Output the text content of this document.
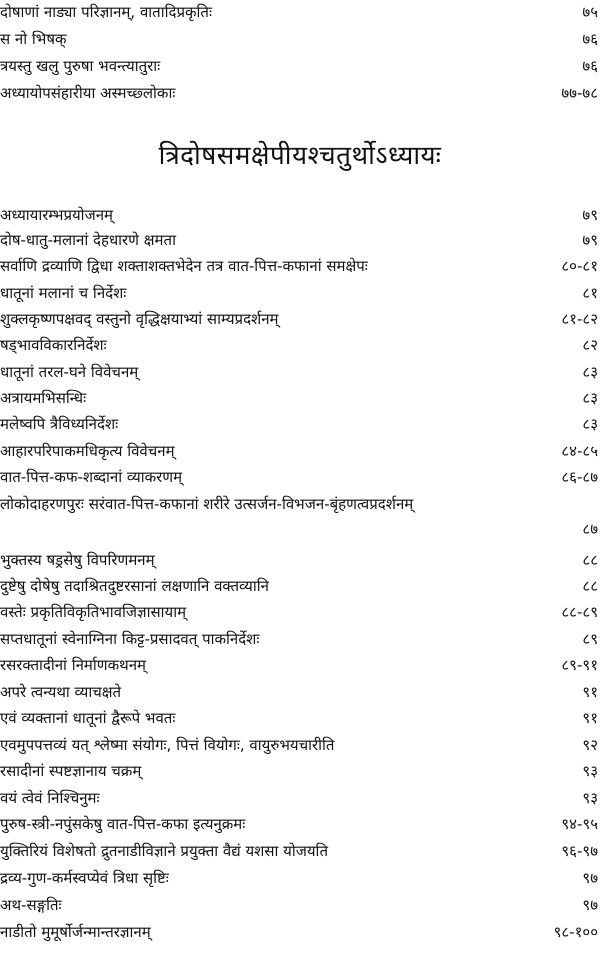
दोषाणां नाड्या परिज्ञानम्, वातादिप्रकृतिः	७५
स नो भिषक्	७६
त्रयस्तु खलु पुरुषा भवन्त्यातुराः	७६
अध्यायोपसंहारीया अस्मच्छ्लोकाः	७७-७८
त्रिदोषसमक्षेपीयश्चतुर्थोऽध्यायः
अध्यायारम्भप्रयोजनम्	७९
दोष-धातु-मलानां देहधारणे क्षमता	७९
सर्वाणि द्रव्याणि द्विधा शक्ताशक्तभेदेन तत्र वात-पित्त-कफानां समक्षेपः	८०-८१
धातूनां मलानां च निर्देशः	८१
शुक्लकृष्णपक्षवद् वस्तुनो वृद्धिक्षयाभ्यां साम्यप्रदर्शनम्	८१-८२
षड्भावविकारनिर्देशः	८२
धातूनां तरल-घने विवेचनम्	८३
अत्रायमभिसन्धिः	८३
मलेष्वपि त्रैविध्यनिर्देशः	८३
आहारपरिपाकमधिकृत्य विवेचनम्	८४-८५
वात-पित्त-कफ-शब्दानां व्याकरणम्	८६-८७
लोकोदाहरणपुरः सरंवात-पित्त-कफानां शरीरे उत्सर्जन-विभजन-बृंहणत्वप्रदर्शनम्
८७
भुक्तस्य षड्रसेषु विपरिणमनम्	८८
दुष्टेषु दोषेषु तदाश्रितदुष्टरसानां लक्षणानि वक्तव्यानि	८८
वस्तेः प्रकृतिविकृतिभावजिज्ञासायाम्	८८-८९
सप्तधातूनां स्वेनाग्निना किट्ट-प्रसादवत् पाकनिर्देशः	८९
रसरक्तादीनां निर्माणकथनम्	८९-९१
अपरे त्वन्यथा व्याचक्षते	९१
एवं व्यक्तानां धातूनां द्वैरूपे भवतः	९१
एवमुपपत्तव्यं यत् श्लेष्मा संयोगः, पित्तं वियोगः, वायुरुभयचारीति	९२
रसादीनां स्पष्टज्ञानाय चक्रम्	९३
वयं त्वेवं निश्चिनुमः	९३
पुरुष-स्त्री-नपुंसकेषु वात-पित्त-कफा इत्यनुक्रमः	९४-९५
युक्तिरियं विशेषतो द्रुतनाडीविज्ञाने प्रयुक्ता वैद्यं यशसा योजयति	९६-९७
द्रव्य-गुण-कर्मस्वप्येवं त्रिधा सृष्टिः	९७
अथ-सङ्गतिः	९७
नाडीतो मुमूर्षोर्जन्मान्तरज्ञानम्	९८-१००
